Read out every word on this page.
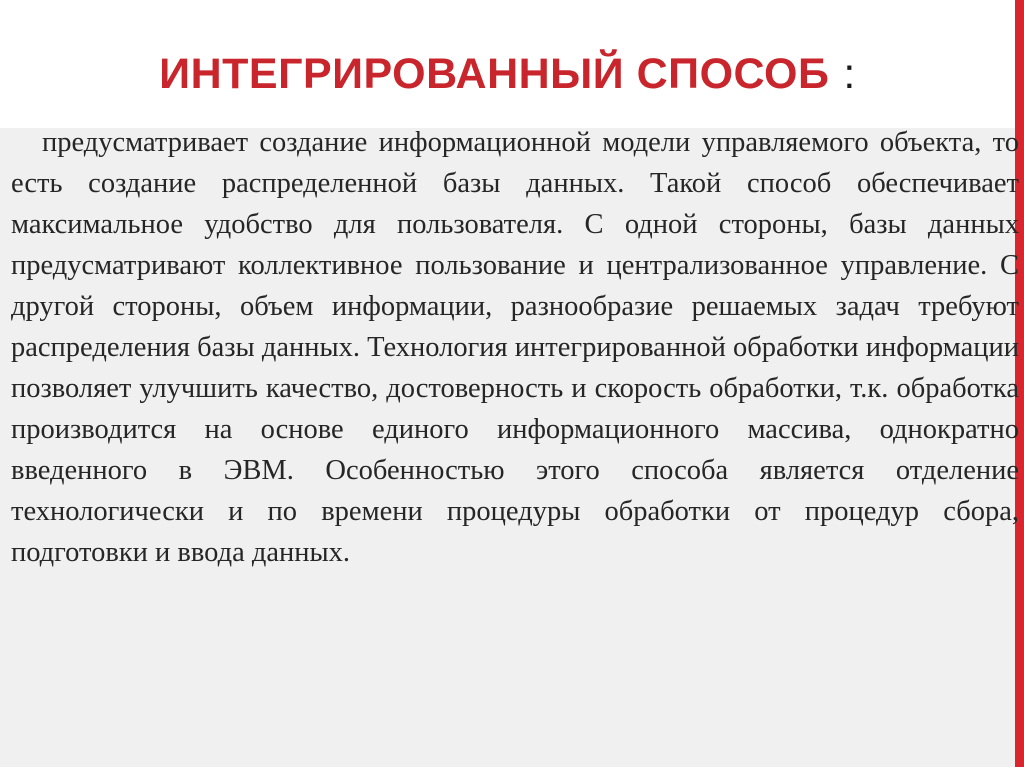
ИНТЕГРИРОВАННЫЙ СПОСОБ :

предусматривает создание информационной модели управляемого объекта, то есть создание распределенной базы данных. Такой способ обеспечивает максимальное удобство для пользователя. С одной стороны, базы данных предусматривают коллективное пользование и централизованное управление. С другой стороны, объем информации, разнообразие решаемых задач требуют распределения базы данных. Технология интегрированной обработки информации позволяет улучшить качество, достоверность и скорость обработки, т.к. обработка производится на основе единого информационного массива, однократно введенного в ЭВМ. Особенностью этого способа является отделение технологически и по времени процедуры обработки от процедур сбора, подготовки и ввода данных.
